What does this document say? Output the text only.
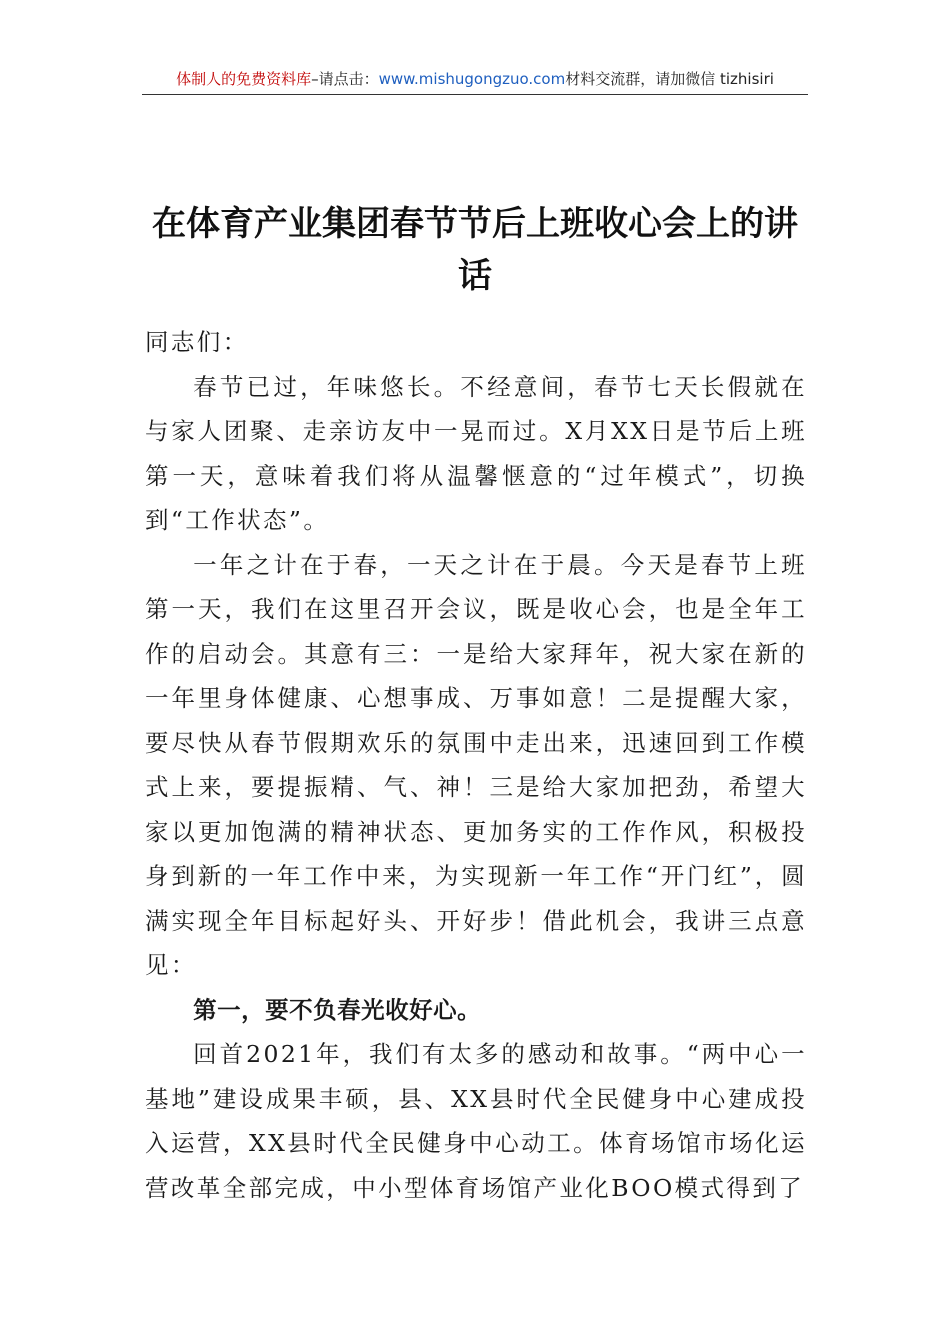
体制人的免费资料库–请点击：www.mishugongzuo.com材料交流群，请加微信 tizhisiri
在体育产业集团春节节后上班收心会上的讲话

同志们：

春节已过，年味悠长。不经意间，春节七天长假就在与家人团聚、走亲访友中一晃而过。X月XX日是节后上班第一天，意味着我们将从温馨惬意的“过年模式”，切换到“工作状态”。

一年之计在于春，一天之计在于晨。今天是春节上班第一天，我们在这里召开会议，既是收心会，也是全年工作的启动会。其意有三：一是给大家拜年，祝大家在新的一年里身体健康、心想事成、万事如意！二是提醒大家，要尽快从春节假期欢乐的氛围中走出来，迅速回到工作模式上来，要提振精、气、神！三是给大家加把劲，希望大家以更加饱满的精神状态、更加务实的工作作风，积极投身到新的一年工作中来，为实现新一年工作“开门红”，圆满实现全年目标起好头、开好步！借此机会，我讲三点意见：

第一，要不负春光收好心。

回首2021年，我们有太多的感动和故事。“两中心一基地”建设成果丰硕，县、XX县时代全民健身中心建成投入运营，XX县时代全民健身中心动工。体育场馆市场化运营改革全部完成，中小型体育场馆产业化BOO模式得到了
